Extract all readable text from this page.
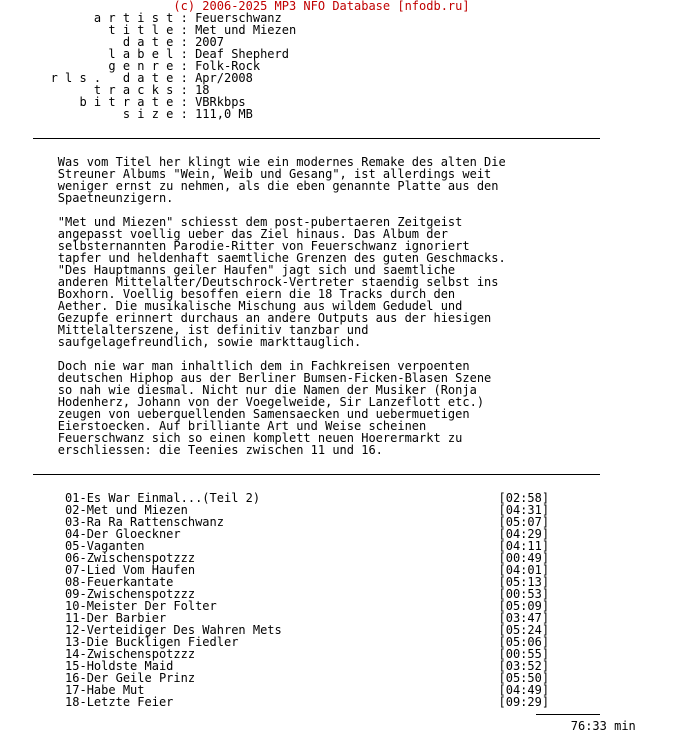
(c) 2006-2025 MP3 NFO Database [nfodb.ru]
a r t i s t : Feuerschwanz
t i t l e : Met und Miezen
d a t e : 2007
l a b e l : Deaf Shepherd
g e n r e : Folk-Rock
r l s .   d a t e : Apr/2008
t r a c k s : 18
b i t r a t e : VBRkbps
s i z e : 111,0 MB
Was vom Titel her klingt wie ein modernes Remake des alten Die
Streuner Albums "Wein, Weib und Gesang", ist allerdings weit
weniger ernst zu nehmen, als die eben genannte Platte aus den
Spaetneunzigern.
"Met und Miezen" schiesst dem post-pubertaeren Zeitgeist
angepasst voellig ueber das Ziel hinaus. Das Album der
selbsternannten Parodie-Ritter von Feuerschwanz ignoriert
tapfer und heldenhaft saemtliche Grenzen des guten Geschmacks.
"Des Hauptmanns geiler Haufen" jagt sich und saemtliche
anderen Mittelalter/Deutschrock-Vertreter staendig selbst ins
Boxhorn. Voellig besoffen eiern die 18 Tracks durch den
Aether. Die musikalische Mischung aus wildem Gedudel und
Gezupfe erinnert durchaus an andere Outputs aus der hiesigen
Mittelalterszene, ist definitiv tanzbar und
saufgelagefreundlich, sowie markttauglich.
Doch nie war man inhaltlich dem in Fachkreisen verpoenten
deutschen Hiphop aus der Berliner Bumsen-Ficken-Blasen Szene
so nah wie diesmal. Nicht nur die Namen der Musiker (Ronja
Hodenherz, Johann von der Voegelweide, Sir Lanzeflott etc.)
zeugen von ueberquellenden Samensaecken und uebermuetigen
Eierstoecken. Auf brilliante Art und Weise scheinen
Feuerschwanz sich so einen komplett neuen Hoerermarkt zu
erschliessen: die Teenies zwischen 11 und 16.
01-Es War Einmal...(Teil 2)                                 [02:58]
02-Met und Miezen                                           [04:31]
03-Ra Ra Rattenschwanz                                      [05:07]
04-Der Gloeckner                                            [04:29]
05-Vaganten                                                 [04:11]
06-Zwischenspotzzz                                          [00:49]
07-Lied Vom Haufen                                          [04:01]
08-Feuerkantate                                             [05:13]
09-Zwischenspotzzz                                          [00:53]
10-Meister Der Folter                                       [05:09]
11-Der Barbier                                              [03:47]
12-Verteidiger Des Wahren Mets                              [05:24]
13-Die Buckligen Fiedler                                    [05:06]
14-Zwischenspotzzz                                          [00:55]
15-Holdste Maid                                             [03:52]
16-Der Geile Prinz                                          [05:50]
17-Habe Mut                                                 [04:49]
18-Letzte Feier                                             [09:29]
76:33 min
